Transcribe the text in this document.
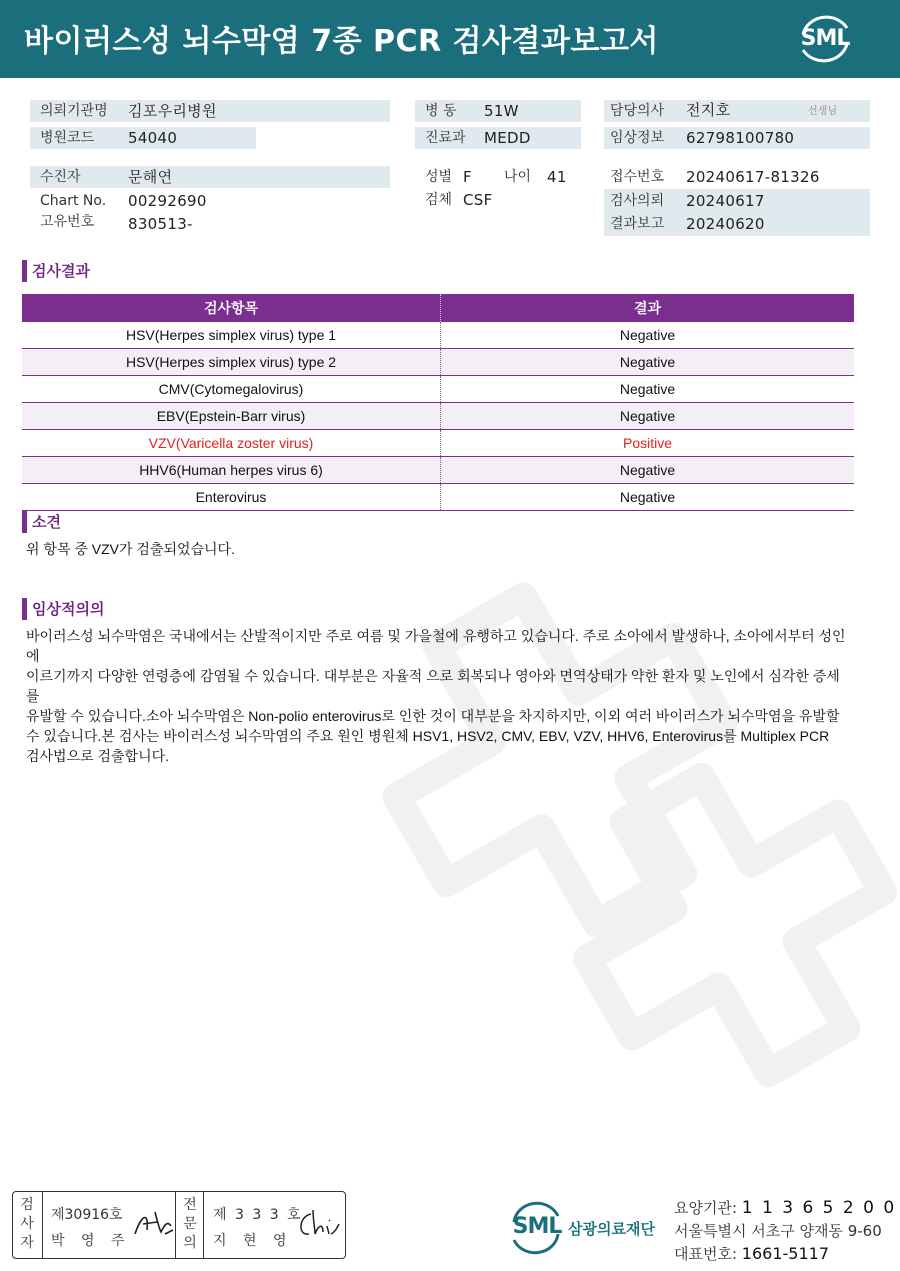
바이러스성 뇌수막염 7종 PCR 검사결과보고서	SML
의뢰기관명 김포우리병원
병원코드 54040
수진자	문해연
Chart No. 00292690
고유번호 830513-
병 동 51W
진료과 MEDD
성별 F 나이 41
검체 CSF
담당의사 전지호	선생님
임상정보 62798100780
접수번호 20240617-81326
검사의뢰 20240617
결과보고 20240620
검사결과
검사항목	결과
HSV(Herpes simplex virus) type 1	Negative
HSV(Herpes simplex virus) type 2	Negative
CMV(Cytomegalovirus)	Negative
EBV(Epstein-Barr virus)	Negative
VZV(Varicella zoster virus)	Positive
HHV6(Human herpes virus 6)	Negative
Enterovirus	Negative
소견
위 항목 중 VZV가 검출되었습니다.
임상적의의
바이러스성 뇌수막염은 국내에서는 산발적이지만 주로 여름 및 가을철에 유행하고 있습니다. 주로 소아에서 발생하나, 소아에서부터 성인에
이르기까지 다양한 연령층에 감염될 수 있습니다. 대부분은 자율적 으로 회복되나 영아와 면역상태가 약한 환자 및 노인에서 심각한 증세를
유발할 수 있습니다.소아 뇌수막염은 Non-polio enterovirus로 인한 것이 대부분을 차지하지만, 이외 여러 바이러스가 뇌수막염을 유발할
수 있습니다.본 검사는 바이러스성 뇌수막염의 주요 원인 병원체 HSV1, HSV2, CMV, EBV, VZV, HHV6, Enterovirus를 Multiplex PCR
검사법으로 검출합니다.
검
사
자
제30916호
박 영 주
전
문
의
제 3 3 3 호
지 현 영
SML 삼광의료재단
요양기관: 1 1 3 6 5 2 0 0
서울특별시 서초구 양재동 9-60
대표번호: 1661-5117
